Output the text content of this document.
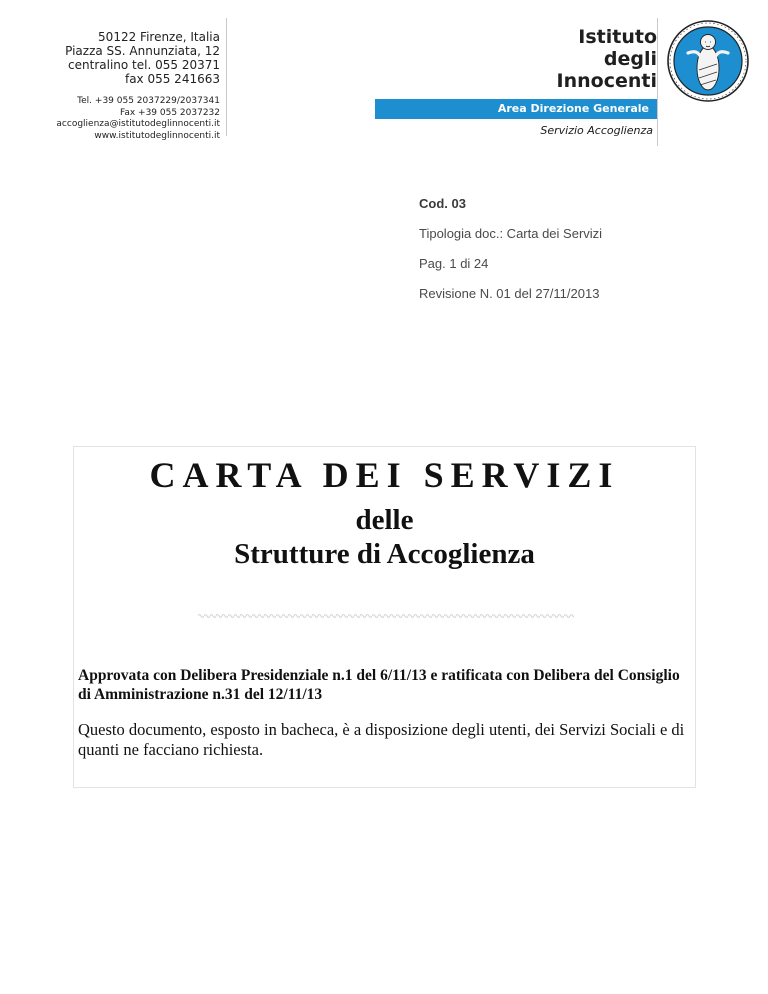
50122 Firenze, Italia
Piazza SS. Annunziata, 12
centralino tel. 055 20371
fax 055 241663
Tel. +39 055 2037229/2037341
Fax +39 055 2037232
accoglienza@istitutodeglinnocenti.it
www.istitutodeglinnocenti.it
Istituto
degli
Innocenti
Area Direzione Generale
Servizio Accoglienza
Cod. 03
Tipologia doc.: Carta dei Servizi
Pag. 1 di 24
Revisione N. 01 del 27/11/2013
CARTA DEI SERVIZI
delle
Strutture di Accoglienza
Approvata con Delibera Presidenziale n.1 del 6/11/13 e ratificata con Delibera del Consiglio di Amministrazione n.31 del 12/11/13
Questo documento, esposto in bacheca, è a disposizione degli utenti, dei Servizi Sociali e di quanti ne facciano richiesta.
